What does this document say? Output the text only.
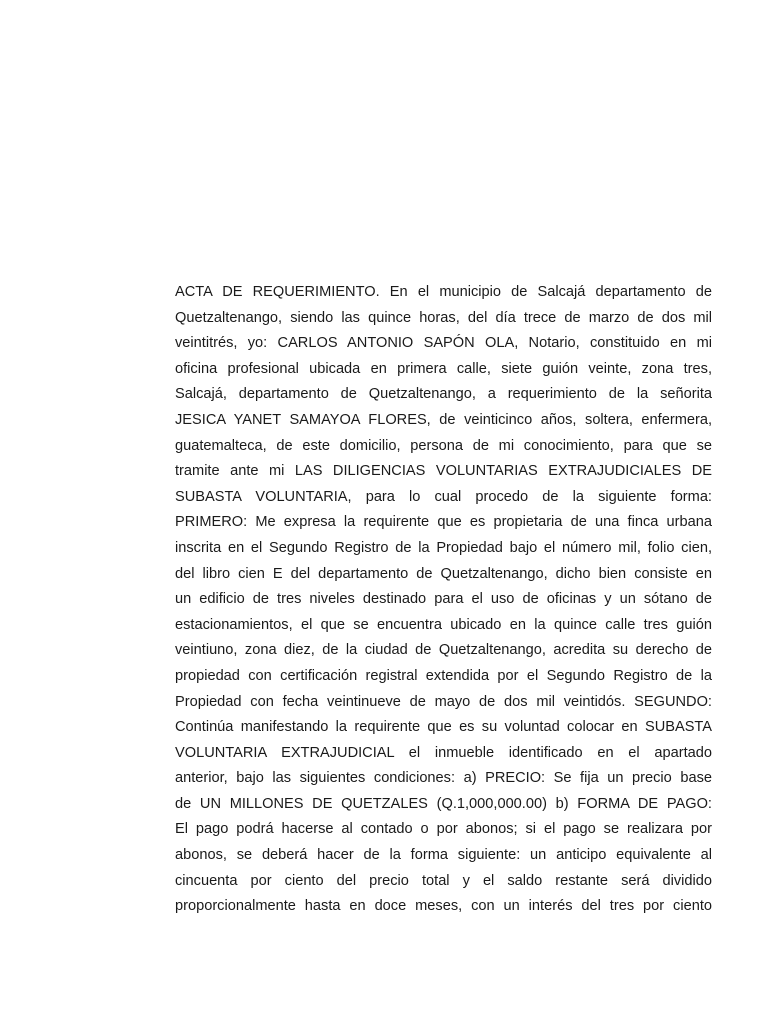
ACTA DE REQUERIMIENTO. En el municipio de Salcajá departamento de
Quetzaltenango, siendo las quince horas, del día trece de marzo de dos mil
veintitrés, yo: CARLOS ANTONIO SAPÓN OLA, Notario, constituido en mi
oficina profesional ubicada en primera calle, siete guión veinte, zona tres,
Salcajá, departamento de Quetzaltenango, a requerimiento de la señorita
JESICA YANET SAMAYOA FLORES, de veinticinco años, soltera, enfermera,
guatemalteca, de este domicilio, persona de mi conocimiento, para que se
tramite ante mi LAS DILIGENCIAS VOLUNTARIAS EXTRAJUDICIALES DE
SUBASTA VOLUNTARIA, para lo cual procedo de la siguiente forma:
PRIMERO: Me expresa la requirente que es propietaria de una finca urbana
inscrita en el Segundo Registro de la Propiedad bajo el número mil, folio cien,
del libro cien E del departamento de Quetzaltenango, dicho bien consiste en
un edificio de tres niveles destinado para el uso de oficinas y un sótano de
estacionamientos, el que se encuentra ubicado en la quince calle tres guión
veintiuno, zona diez, de la ciudad de Quetzaltenango, acredita su derecho de
propiedad con certificación registral extendida por el Segundo Registro de la
Propiedad con fecha veintinueve de mayo de dos mil veintidós. SEGUNDO:
Continúa manifestando la requirente que es su voluntad colocar en SUBASTA
VOLUNTARIA EXTRAJUDICIAL el inmueble identificado en el apartado
anterior, bajo las siguientes condiciones: a) PRECIO: Se fija un precio base
de UN MILLONES DE QUETZALES (Q.1,000,000.00) b) FORMA DE PAGO:
El pago podrá hacerse al contado o por abonos; si el pago se realizara por
abonos, se deberá hacer de la forma siguiente: un anticipo equivalente al
cincuenta por ciento del precio total y el saldo restante será dividido
proporcionalmente hasta en doce meses, con un interés del tres por ciento
